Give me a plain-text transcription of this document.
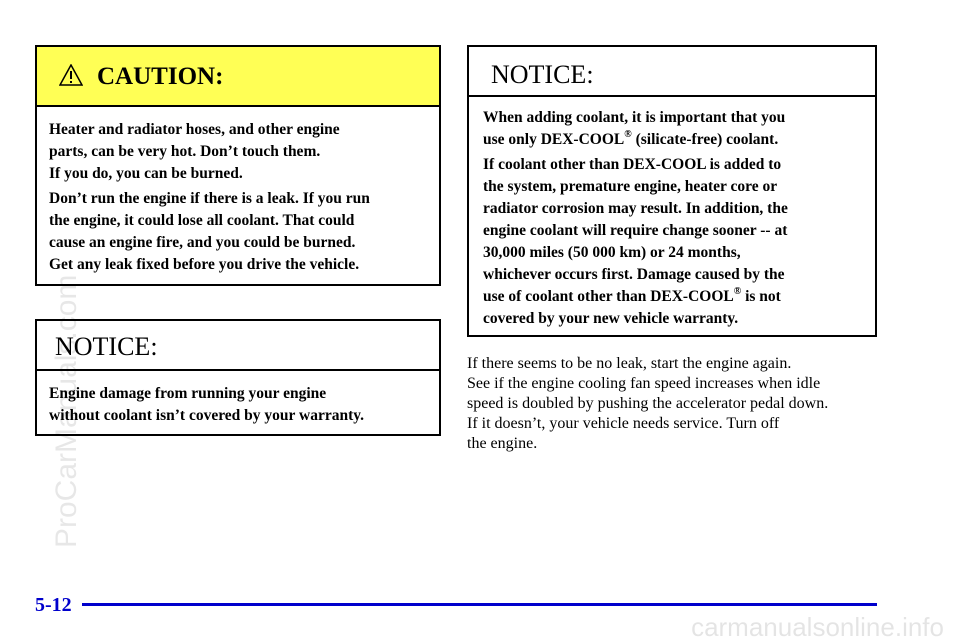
CAUTION:
Heater and radiator hoses, and other engine
parts, can be very hot. Don’t touch them.
If you do, you can be burned.
Don’t run the engine if there is a leak. If you run
the engine, it could lose all coolant. That could
cause an engine fire, and you could be burned.
Get any leak fixed before you drive the vehicle.
NOTICE:
Engine damage from running your engine
without coolant isn’t covered by your warranty.
NOTICE:
When adding coolant, it is important that you
use only DEX-COOL® (silicate-free) coolant.
If coolant other than DEX-COOL is added to
the system, premature engine, heater core or
radiator corrosion may result. In addition, the
engine coolant will require change sooner -- at
30,000 miles (50 000 km) or 24 months,
whichever occurs first. Damage caused by the
use of coolant other than DEX-COOL® is not
covered by your new vehicle warranty.
If there seems to be no leak, start the engine again.
See if the engine cooling fan speed increases when idle
speed is doubled by pushing the accelerator pedal down.
If it doesn’t, your vehicle needs service. Turn off
the engine.
5-12
ProCarManuals.com
carmanualsonline.info
